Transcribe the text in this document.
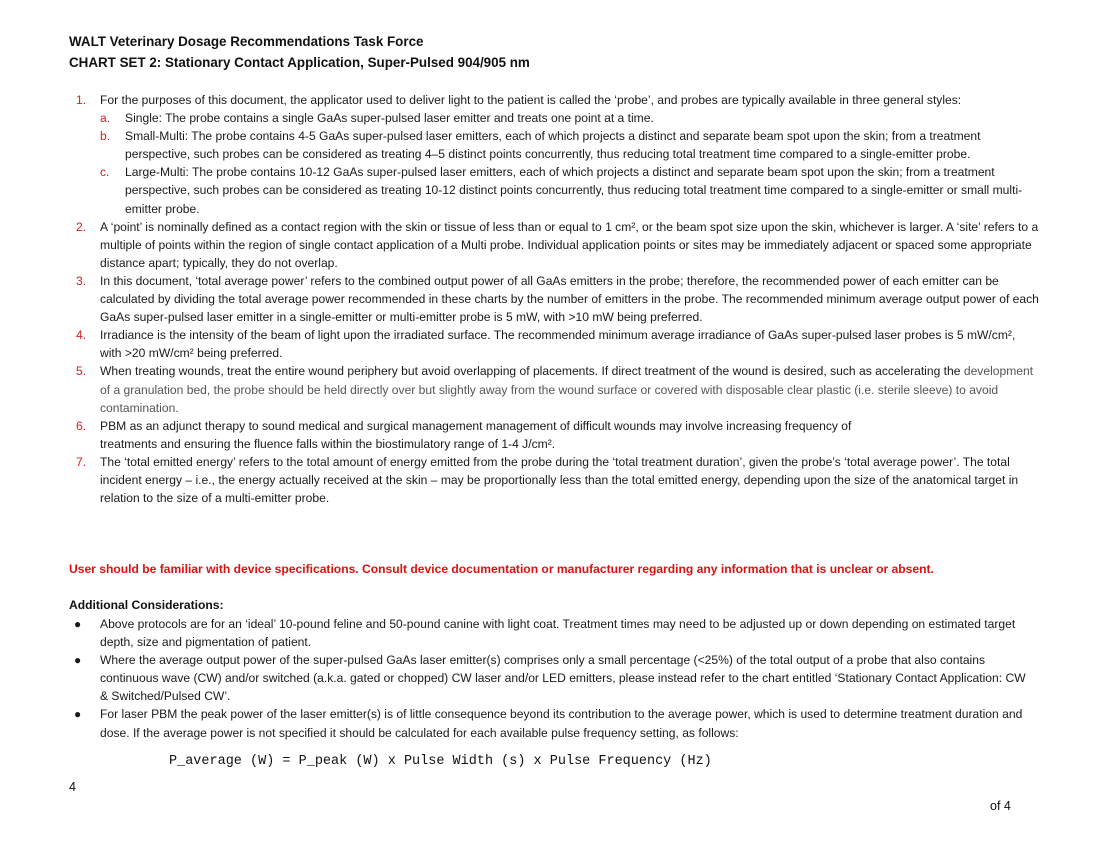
WALT Veterinary Dosage Recommendations Task Force
CHART SET 2: Stationary Contact Application, Super-Pulsed 904/905 nm
1. For the purposes of this document, the applicator used to deliver light to the patient is called the ‘probe’, and probes are typically available in three general styles:
a. Single: The probe contains a single GaAs super-pulsed laser emitter and treats one point at a time.
b. Small-Multi: The probe contains 4-5 GaAs super-pulsed laser emitters, each of which projects a distinct and separate beam spot upon the skin; from a treatment perspective, such probes can be considered as treating 4–5 distinct points concurrently, thus reducing total treatment time compared to a single-emitter probe.
c. Large-Multi: The probe contains 10-12 GaAs super-pulsed laser emitters, each of which projects a distinct and separate beam spot upon the skin; from a treatment perspective, such probes can be considered as treating 10-12 distinct points concurrently, thus reducing total treatment time compared to a single-emitter or small multi-emitter probe.
2. A ‘point’ is nominally defined as a contact region with the skin or tissue of less than or equal to 1 cm², or the beam spot size upon the skin, whichever is larger. A ‘site’ refers to a multiple of points within the region of single contact application of a Multi probe. Individual application points or sites may be immediately adjacent or spaced some appropriate distance apart; typically, they do not overlap.
3. In this document, ‘total average power’ refers to the combined output power of all GaAs emitters in the probe; therefore, the recommended power of each emitter can be calculated by dividing the total average power recommended in these charts by the number of emitters in the probe. The recommended minimum average output power of each GaAs super-pulsed laser emitter in a single-emitter or multi-emitter probe is 5 mW, with >10 mW being preferred.
4. Irradiance is the intensity of the beam of light upon the irradiated surface. The recommended minimum average irradiance of GaAs super-pulsed laser probes is 5 mW/cm², with >20 mW/cm² being preferred.
5. When treating wounds, treat the entire wound periphery but avoid overlapping of placements. If direct treatment of the wound is desired, such as accelerating the development of a granulation bed, the probe should be held directly over but slightly away from the wound surface or covered with disposable clear plastic (i.e. sterile sleeve) to avoid contamination.
6. PBM as an adjunct therapy to sound medical and surgical management management of difficult wounds may involve increasing frequency of
treatments and ensuring the fluence falls within the biostimulatory range of 1-4 J/cm².
7. The ‘total emitted energy’ refers to the total amount of energy emitted from the probe during the ‘total treatment duration’, given the probe’s ‘total average power’. The total incident energy – i.e., the energy actually received at the skin – may be proportionally less than the total emitted energy, depending upon the size of the anatomical target in relation to the size of a multi-emitter probe.
User should be familiar with device specifications. Consult device documentation or manufacturer regarding any information that is unclear or absent.
Additional Considerations:
● Above protocols are for an ‘ideal’ 10-pound feline and 50-pound canine with light coat. Treatment times may need to be adjusted up or down depending on estimated target depth, size and pigmentation of patient.
● Where the average output power of the super-pulsed GaAs laser emitter(s) comprises only a small percentage (<25%) of the total output of a probe that also contains continuous wave (CW) and/or switched (a.k.a. gated or chopped) CW laser and/or LED emitters, please instead refer to the chart entitled ‘Stationary Contact Application: CW & Switched/Pulsed CW’.
● For laser PBM the peak power of the laser emitter(s) is of little consequence beyond its contribution to the average power, which is used to determine treatment duration and dose. If the average power is not specified it should be calculated for each available pulse frequency setting, as follows:
P_average (W) = P_peak (W) x Pulse Width (s) x Pulse Frequency (Hz)
4
of 4
